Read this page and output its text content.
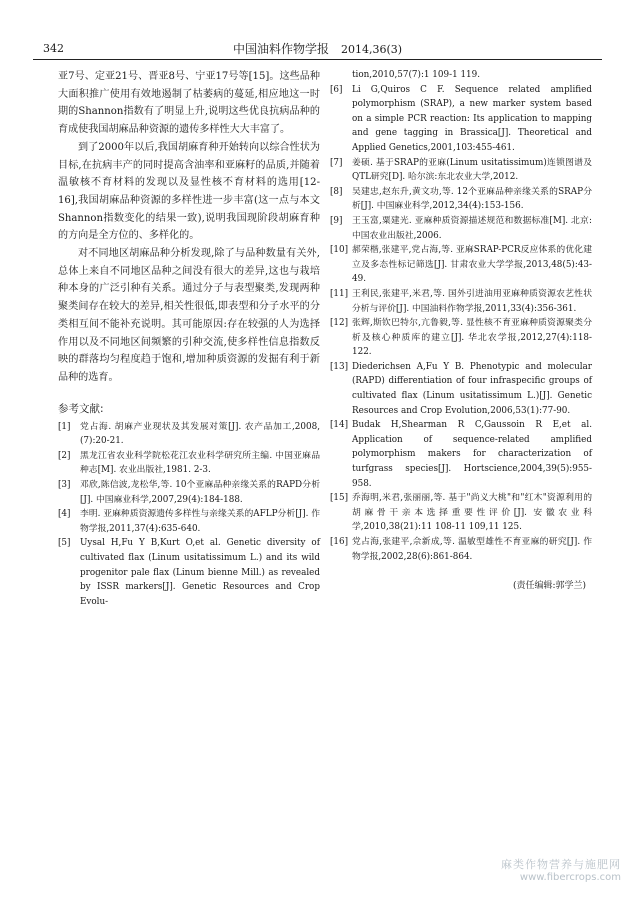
342	中国油料作物学报 2014,36(3)

亚7号、定亚21号、晋亚8号、宁亚17号等[15]。这些品种大面积推广使用有效地遏制了枯萎病的蔓延,相应地这一时期的Shannon指数有了明显上升,说明这些优良抗病品种的育成使我国胡麻品种资源的遗传多样性大大丰富了。

到了2000年以后,我国胡麻育种开始转向以综合性状为目标,在抗病丰产的同时提高含油率和亚麻籽的品质,并随着温敏核不育材料的发现以及显性核不育材料的选用[12-16],我国胡麻品种资源的多样性进一步丰富(这一点与本文Shannon指数变化的结果一致),说明我国现阶段胡麻育种的方向是全方位的、多样化的。

对不同地区胡麻品种分析发现,除了与品种数量有关外,总体上来自不同地区品种之间没有很大的差异,这也与栽培种本身的广泛引种有关系。通过分子与表型聚类,发现两种聚类间存在较大的差异,相关性很低,即表型和分子水平的分类相互间不能补充说明。其可能原因:存在较强的人为选择作用以及不同地区间频繁的引种交流,使多样性信息指数反映的群落均匀程度趋于饱和,增加种质资源的发掘有利于新品种的选育。

参考文献:
[1]	党占海. 胡麻产业现状及其发展对策[J]. 农产品加工,2008,(7):20-21.
[2]	黑龙江省农业科学院松花江农业科学研究所主编. 中国亚麻品种志[M]. 农业出版社,1981. 2-3.
[3]	邓欣,陈信波,龙松华,等. 10个亚麻品种亲缘关系的RAPD分析[J]. 中国麻业科学,2007,29(4):184-188.
[4]	李明. 亚麻种质资源遗传多样性与亲缘关系的AFLP分析[J]. 作物学报,2011,37(4):635-640.
[5]	Uysal H,Fu Y B,Kurt O,et al. Genetic diversity of cultivated flax (Linum usitatissimum L.) and its wild progenitor pale flax (Linum bienne Mill.) as revealed by ISSR markers[J]. Genetic Resources and Crop Evolu-
tion,2010,57(7):1 109-1 119.
[6]	Li G,Quiros C F. Sequence related amplified polymorphism (SRAP), a new marker system based on a simple PCR reaction: Its application to mapping and gene tagging in Brassica[J]. Theoretical and Applied Genetics,2001,103:455-461.
[7]	姜硕. 基于SRAP的亚麻(Linum usitatissimum)连锁图谱及QTL研究[D]. 哈尔滨:东北农业大学,2012.
[8]	吴建忠,赵东升,黄文功,等. 12个亚麻品种亲缘关系的SRAP分析[J]. 中国麻业科学,2012,34(4):153-156.
[9]	王玉富,粟建光. 亚麻种质资源描述规范和数据标准[M]. 北京:中国农业出版社,2006.
[10] 郝荣楷,张建平,党占海,等. 亚麻SRAP-PCR反应体系的优化建立及多态性标记筛选[J]. 甘肃农业大学学报,2013,48(5):43-49.
[11] 王利民,张建平,米君,等. 国外引进油用亚麻种质资源农艺性状分析与评价[J]. 中国油料作物学报,2011,33(4):356-361.
[12] 张辉,斯钦巴特尔,亢鲁毅,等. 显性核不育亚麻种质资源聚类分析及核心种质库的建立[J]. 华北农学报,2012,27(4):118-122.
[13] Diederichsen A,Fu Y B. Phenotypic and molecular (RAPD) differentiation of four infraspecific groups of cultivated flax (Linum usitatissimum L.)[J]. Genetic Resources and Crop Evolution,2006,53(1):77-90.
[14] Budak H,Shearman R C,Gaussoin R E,et al. Application of sequence-related amplified polymorphism makers for characterization of turfgrass species[J]. Hortscience,2004,39(5):955-958.
[15] 乔海明,米君,张丽丽,等. 基于"尚义大桃"和"红木"资源利用的胡麻骨干亲本选择重要性评价[J]. 安徽农业科学,2010,38(21):11 108-11 109,11 125.
[16] 党占海,张建平,佘新成,等. 温敏型雄性不育亚麻的研究[J]. 作物学报,2002,28(6):861-864.
(责任编辑:郭学兰)
麻类作物营养与施肥网
www.fibercrops.com
